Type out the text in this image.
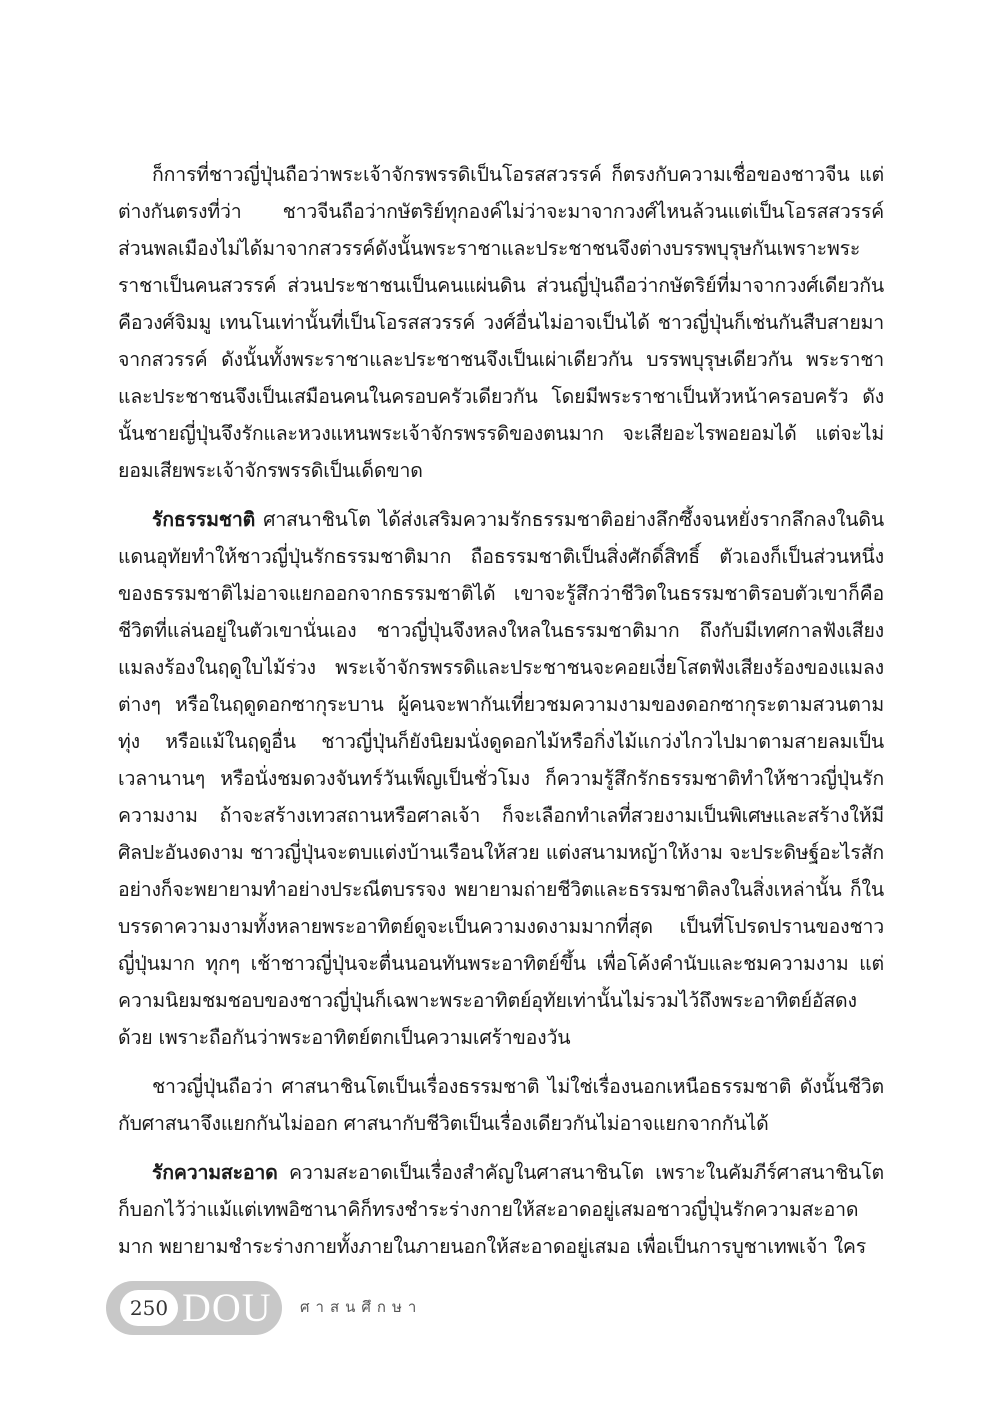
ก็การที่ชาวญี่ปุ่นถือว่าพระเจ้าจักรพรรดิเป็นโอรสสวรรค์ ก็ตรงกับความเชื่อของชาวจีน แต่ต่างกันตรงที่ว่า ชาวจีนถือว่ากษัตริย์ทุกองค์ไม่ว่าจะมาจากวงศ์ไหนล้วนแต่เป็นโอรสสวรรค์ ส่วนพลเมืองไม่ได้มาจากสวรรค์ดังนั้นพระราชาและประชาชนจึงต่างบรรพบุรุษกันเพราะพระราชาเป็นคนสวรรค์ ส่วนประชาชนเป็นคนแผ่นดิน ส่วนญี่ปุ่นถือว่ากษัตริย์ที่มาจากวงศ์เดียวกันคือวงศ์จิมมู เทนโนเท่านั้นที่เป็นโอรสสวรรค์ วงศ์อื่นไม่อาจเป็นได้ ชาวญี่ปุ่นก็เช่นกันสืบสายมาจากสวรรค์ ดังนั้นทั้งพระราชาและประชาชนจึงเป็นเผ่าเดียวกัน บรรพบุรุษเดียวกัน พระราชาและประชาชนจึงเป็นเสมือนคนในครอบครัวเดียวกัน โดยมีพระราชาเป็นหัวหน้าครอบครัว ดังนั้นชายญี่ปุ่นจึงรักและหวงแหนพระเจ้าจักรพรรดิของตนมาก จะเสียอะไรพอยอมได้ แต่จะไม่ยอมเสียพระเจ้าจักรพรรดิเป็นเด็ดขาด

รักธรรมชาติ ศาสนาชินโต ได้ส่งเสริมความรักธรรมชาติอย่างลึกซึ้งจนหยั่งรากลึกลงในดินแดนอุทัยทำให้ชาวญี่ปุ่นรักธรรมชาติมาก ถือธรรมชาติเป็นสิ่งศักดิ์สิทธิ์ ตัวเองก็เป็นส่วนหนึ่งของธรรมชาติไม่อาจแยกออกจากธรรมชาติได้ เขาจะรู้สึกว่าชีวิตในธรรมชาติรอบตัวเขาก็คือชีวิตที่แล่นอยู่ในตัวเขานั่นเอง ชาวญี่ปุ่นจึงหลงใหลในธรรมชาติมาก ถึงกับมีเทศกาลฟังเสียงแมลงร้องในฤดูใบไม้ร่วง พระเจ้าจักรพรรดิและประชาชนจะคอยเงี่ยโสตฟังเสียงร้องของแมลงต่างๆ หรือในฤดูดอกซากุระบาน ผู้คนจะพากันเที่ยวชมความงามของดอกซากุระตามสวนตามทุ่ง หรือแม้ในฤดูอื่น ชาวญี่ปุ่นก็ยังนิยมนั่งดูดอกไม้หรือกิ่งไม้แกว่งไกวไปมาตามสายลมเป็นเวลานานๆ หรือนั่งชมดวงจันทร์วันเพ็ญเป็นชั่วโมง ก็ความรู้สึกรักธรรมชาติทำให้ชาวญี่ปุ่นรักความงาม ถ้าจะสร้างเทวสถานหรือศาลเจ้า ก็จะเลือกทำเลที่สวยงามเป็นพิเศษและสร้างให้มีศิลปะอันงดงาม ชาวญี่ปุ่นจะตบแต่งบ้านเรือนให้สวย แต่งสนามหญ้าให้งาม จะประดิษฐ์อะไรสักอย่างก็จะพยายามทำอย่างประณีตบรรจง พยายามถ่ายชีวิตและธรรมชาติลงในสิ่งเหล่านั้น ก็ในบรรดาความงามทั้งหลายพระอาทิตย์ดูจะเป็นความงดงามมากที่สุด เป็นที่โปรดปรานของชาวญี่ปุ่นมาก ทุกๆ เช้าชาวญี่ปุ่นจะตื่นนอนทันพระอาทิตย์ขึ้น เพื่อโค้งคำนับและชมความงาม แต่ความนิยมชมชอบของชาวญี่ปุ่นก็เฉพาะพระอาทิตย์อุทัยเท่านั้นไม่รวมไว้ถึงพระอาทิตย์อัสดงด้วย เพราะถือกันว่าพระอาทิตย์ตกเป็นความเศร้าของวัน

ชาวญี่ปุ่นถือว่า ศาสนาชินโตเป็นเรื่องธรรมชาติ ไม่ใช่เรื่องนอกเหนือธรรมชาติ ดังนั้นชีวิตกับศาสนาจึงแยกกันไม่ออก ศาสนากับชีวิตเป็นเรื่องเดียวกันไม่อาจแยกจากกันได้

รักความสะอาด ความสะอาดเป็นเรื่องสำคัญในศาสนาชินโต เพราะในคัมภีร์ศาสนาชินโตก็บอกไว้ว่าแม้แต่เทพอิซานาคิก็ทรงชำระร่างกายให้สะอาดอยู่เสมอชาวญี่ปุ่นรักความสะอาดมาก พยายามชำระร่างกายทั้งภายในภายนอกให้สะอาดอยู่เสมอ เพื่อเป็นการบูชาเทพเจ้า ใคร

250 DOU ศาสนศึกษา
